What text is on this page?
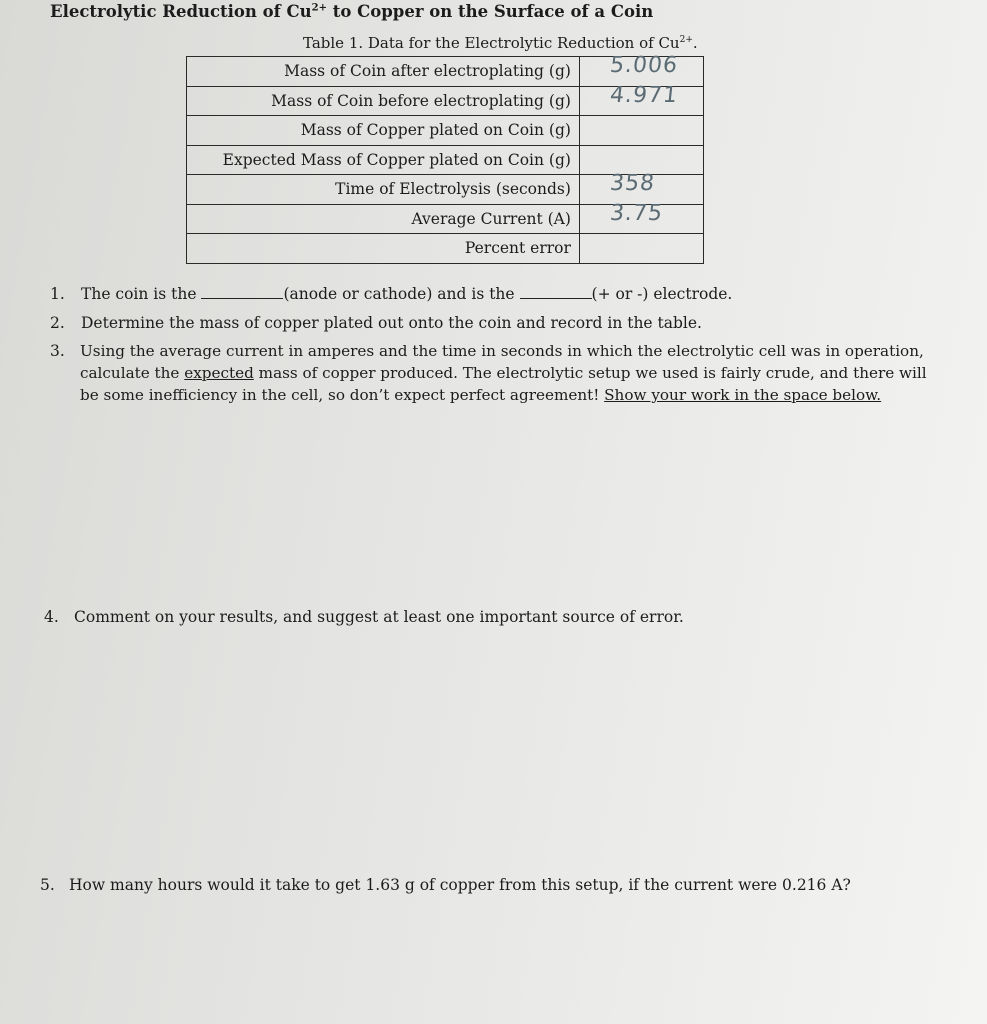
Electrolytic Reduction of $Cu^{2+}$ to Copper on the Surface of a Coin
Table 1. Data for the Electrolytic Reduction of $Cu^{2+}$.
Mass of Coin after electroplating (g)	5.006

Mass of Coin before electroplating (g)	4.971

Mass of Copper plated on Coin (g)	

Expected Mass of Copper plated on Coin (g)	

Time of Electrolysis (seconds)	358

Average Current (A)	3.75

Percent error	
1. The coin is the	(anode or cathode) and is the	(+ or -) electrode.
2. Determine the mass of copper plated out onto the coin and record in the table.
3. Using the average current in amperes and the time in seconds in which the electrolytic cell was in operation,
calculate the expected mass of copper produced. The electrolytic setup we used is fairly crude, and there will
be some inefficiency in the cell, so don’t expect perfect agreement! Show your work in the space below.
4. Comment on your results, and suggest at least one important source of error.
5. How many hours would it take to get 1.63 g of copper from this setup, if the current were 0.216 A?
